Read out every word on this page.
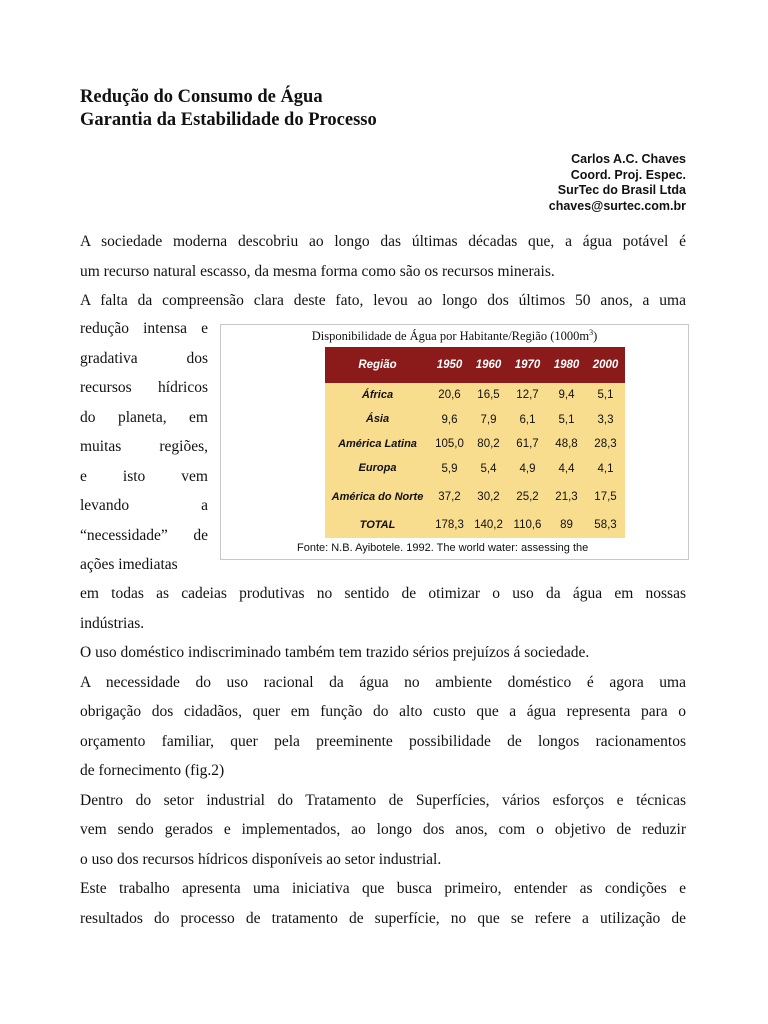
Redução do Consumo de Água
Garantia da Estabilidade do Processo
Carlos A.C. Chaves
Coord. Proj. Espec.
SurTec do Brasil Ltda
chaves@surtec.com.br
A sociedade moderna descobriu ao longo das últimas décadas que, a água potável é
um recurso natural escasso, da mesma forma como são os recursos minerais.
A falta da compreensão clara deste fato, levou ao longo dos últimos 50 anos, a uma
redução intensa e
gradativa dos
recursos hídricos
do planeta, em
muitas regiões,
e isto vem
levando a
“necessidade” de
ações imediatas
Disponibilidade de Água por Habitante/Região $(1000m^3)$
Região	1950	1960	1970	1980	2000
África	20,6	16,5	12,7	9,4	5,1
Ásia	9,6	7,9	6,1	5,1	3,3
América Latina	105,0	80,2	61,7	48,8	28,3
Europa	5,9	5,4	4,9	4,4	4,1
América do Norte	37,2	30,2	25,2	21,3	17,5
TOTAL	178,3	140,2	110,6	89	58,3
Fonte: N.B. Ayibotele. 1992. The world water: assessing the
em todas as cadeias produtivas no sentido de otimizar o uso da água em nossas
indústrias.
O uso doméstico indiscriminado também tem trazido sérios prejuízos á sociedade.
A necessidade do uso racional da água no ambiente doméstico é agora uma
obrigação dos cidadãos, quer em função do alto custo que a água representa para o
orçamento familiar, quer pela preeminente possibilidade de longos racionamentos
de fornecimento (fig.2)
Dentro do setor industrial do Tratamento de Superfícies, vários esforços e técnicas
vem sendo gerados e implementados, ao longo dos anos, com o objetivo de reduzir
o uso dos recursos hídricos disponíveis ao setor industrial.
Este trabalho apresenta uma iniciativa que busca primeiro, entender as condições e
resultados do processo de tratamento de superfície, no que se refere a utilização de
